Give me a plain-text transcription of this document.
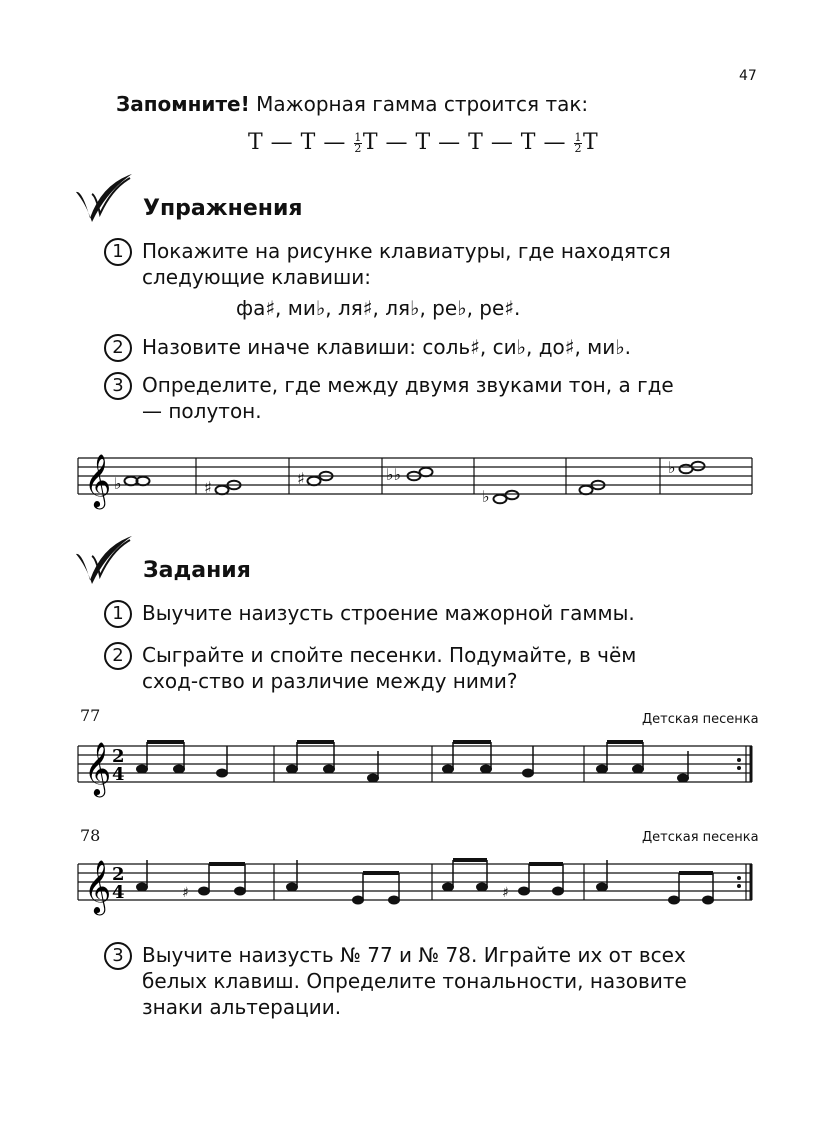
47
Запомните! Мажорная гамма строится так:
Т — Т — $\frac{1}{2}$ Т — Т — Т — Т — $\frac{1}{2}$ Т
Упражнения
1 Покажите на рисунке клавиатуры, где находятся следующие клавиши:
фа♯, ми♭, ля♯, ля♭, ре♭, ре♯.
2 Назовите иначе клавиши: соль♯, си♭, до♯, ми♭.
3 Определите, где между двумя звуками тон, а где — полутон.
𝄞 ♭	♯	♯	♭♭
♭
♭
Задания
1 Выучите наизусть строение мажорной гаммы.
2 Сыграйте и спойте песенки. Подумайте, в чём сход-ство и различие между ними?
77	Детская песенка
𝄞 2
4
78	Детская песенка
𝄞 2
4	♯	♯
3 Выучите наизусть № 77 и № 78. Играйте их от всех белых клавиш. Определите тональности, назовите знаки альтерации.
